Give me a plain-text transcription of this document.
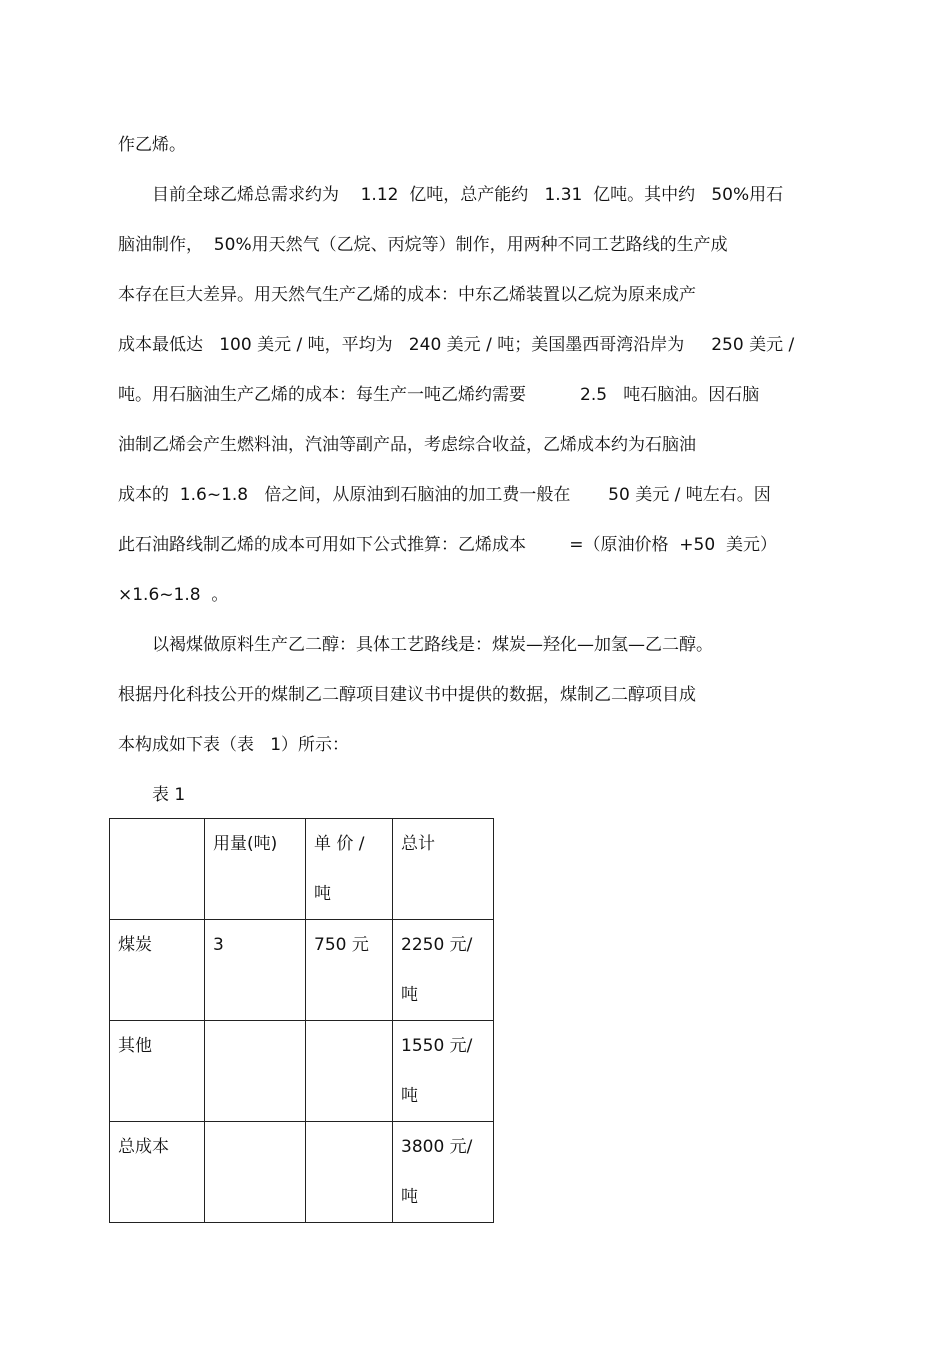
作乙烯。
目前全球乙烯总需求约为    1.12  亿吨，总产能约   1.31  亿吨。其中约   50%用石
脑油制作，  50%用天然气（乙烷、丙烷等）制作，用两种不同工艺路线的生产成
本存在巨大差异。用天然气生产乙烯的成本：中东乙烯装置以乙烷为原来成产
成本最低达   100 美元 / 吨，平均为   240 美元 / 吨；美国墨西哥湾沿岸为     250 美元 /
吨。用石脑油生产乙烯的成本：每生产一吨乙烯约需要          2.5   吨石脑油。因石脑
油制乙烯会产生燃料油，汽油等副产品，考虑综合收益，乙烯成本约为石脑油
成本的  1.6~1.8   倍之间，从原油到石脑油的加工费一般在       50 美元 / 吨左右。因
此石油路线制乙烯的成本可用如下公式推算：乙烯成本        =（原油价格  +50  美元）
×1.6~1.8  。
以褐煤做原料生产乙二醇：具体工艺路线是：煤炭—羟化—加氢—乙二醇。
根据丹化科技公开的煤制乙二醇项目建议书中提供的数据，煤制乙二醇项目成
本构成如下表（表   1）所示：
表 1
	用量(吨)	单 价 / 吨	总计
煤炭	3	750 元	2250 元/ 吨
其他			1550 元/ 吨
总成本			3800 元/ 吨
